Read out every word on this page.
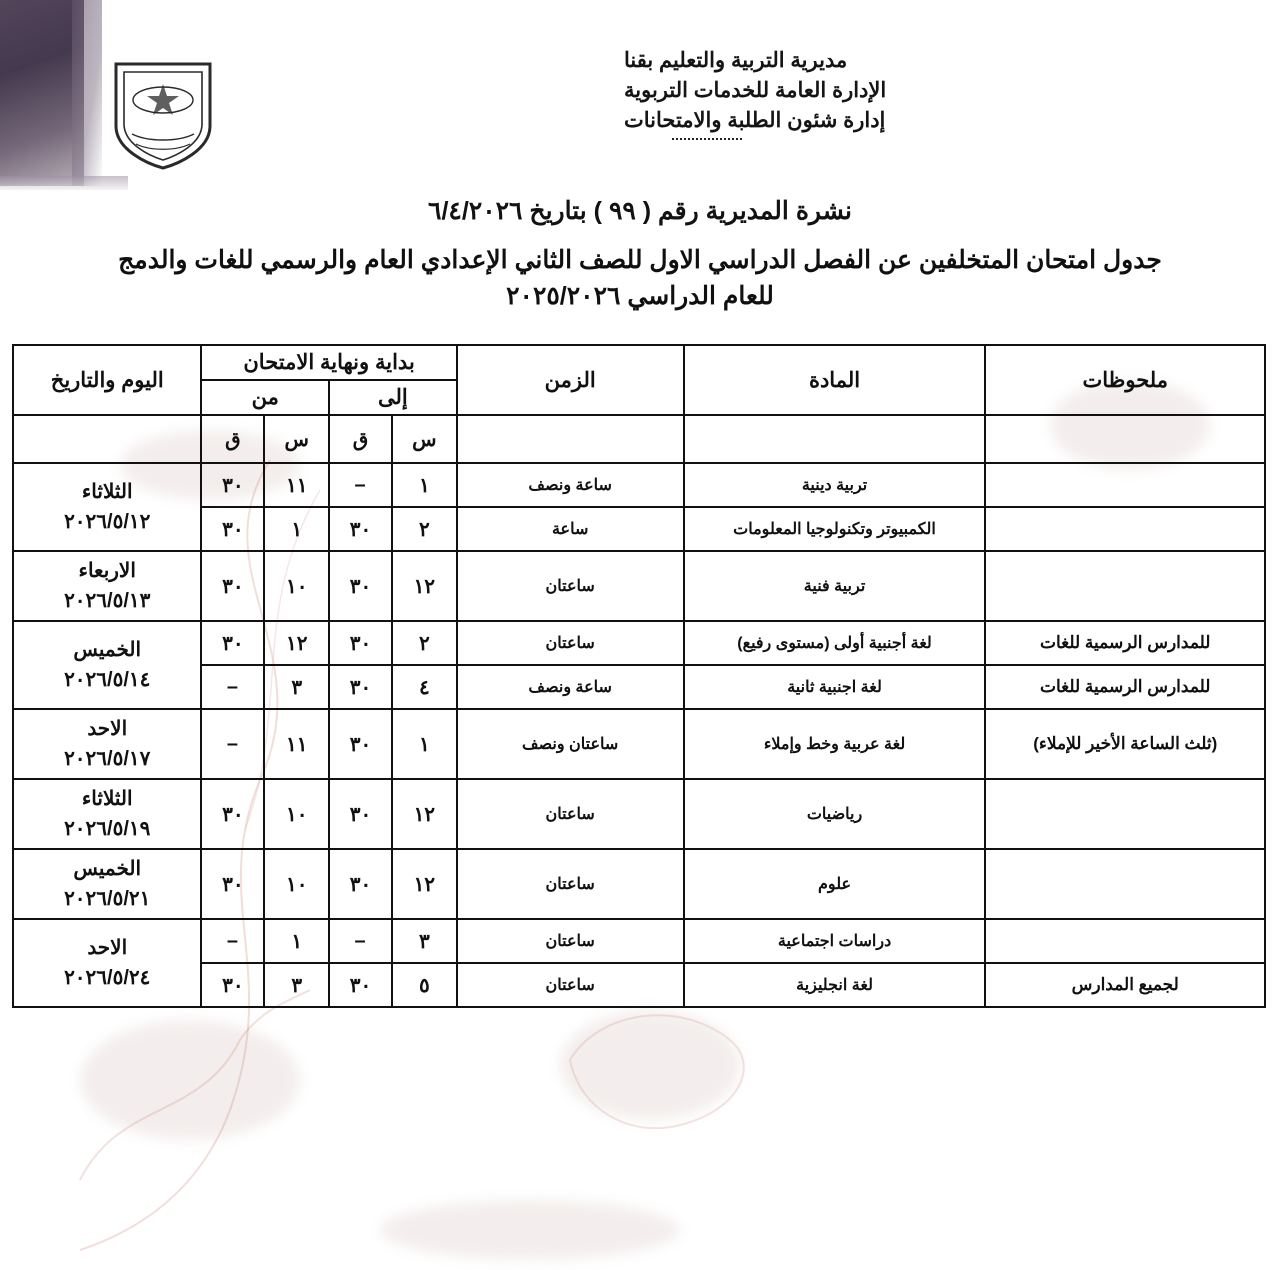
مديرية التربية والتعليم بقنا
الإدارة العامة للخدمات التربوية
إدارة شئون الطلبة والامتحانات
نشرة المديرية رقم ( ٩٩ ) بتاريخ ٦/٤/٢٠٢٦
جدول امتحان المتخلفين عن الفصل الدراسي الاول للصف الثاني الإعدادي العام والرسمي للغات والدمج
للعام الدراسي ٢٠٢٥/٢٠٢٦
ملحوظات	المادة	الزمن	بداية ونهاية الامتحان				اليوم والتاريخ
			إلى		من		
			س	ق	س	ق	
	تربية دينية	ساعة ونصف	١	–	١١	٣٠	الثلاثاء
٢٠٢٦/٥/١٢

	الكمبيوتر وتكنولوجيا المعلومات	ساعة	٢	٣٠	١	٣٠	
	تربية فنية	ساعتان	١٢	٣٠	١٠	٣٠	الاربعاء
٢٠٢٦/٥/١٣

للمدارس الرسمية للغات	لغة أجنبية أولى (مستوى رفيع)	ساعتان	٢	٣٠	١٢	٣٠	الخميس
٢٠٢٦/٥/١٤

للمدارس الرسمية للغات	لغة اجنبية ثانية	ساعة ونصف	٤	٣٠	٣	–	
(ثلث الساعة الأخير للإملاء)	لغة عربية وخط وإملاء	ساعتان ونصف	١	٣٠	١١	–	الاحد
٢٠٢٦/٥/١٧

	رياضيات	ساعتان	١٢	٣٠	١٠	٣٠	الثلاثاء
٢٠٢٦/٥/١٩

	علوم	ساعتان	١٢	٣٠	١٠	٣٠	الخميس
٢٠٢٦/٥/٢١

	دراسات اجتماعية	ساعتان	٣	–	١	–	الاحد
٢٠٢٦/٥/٢٤

لجميع المدارس	لغة انجليزية	ساعتان	٥	٣٠	٣	٣٠	
